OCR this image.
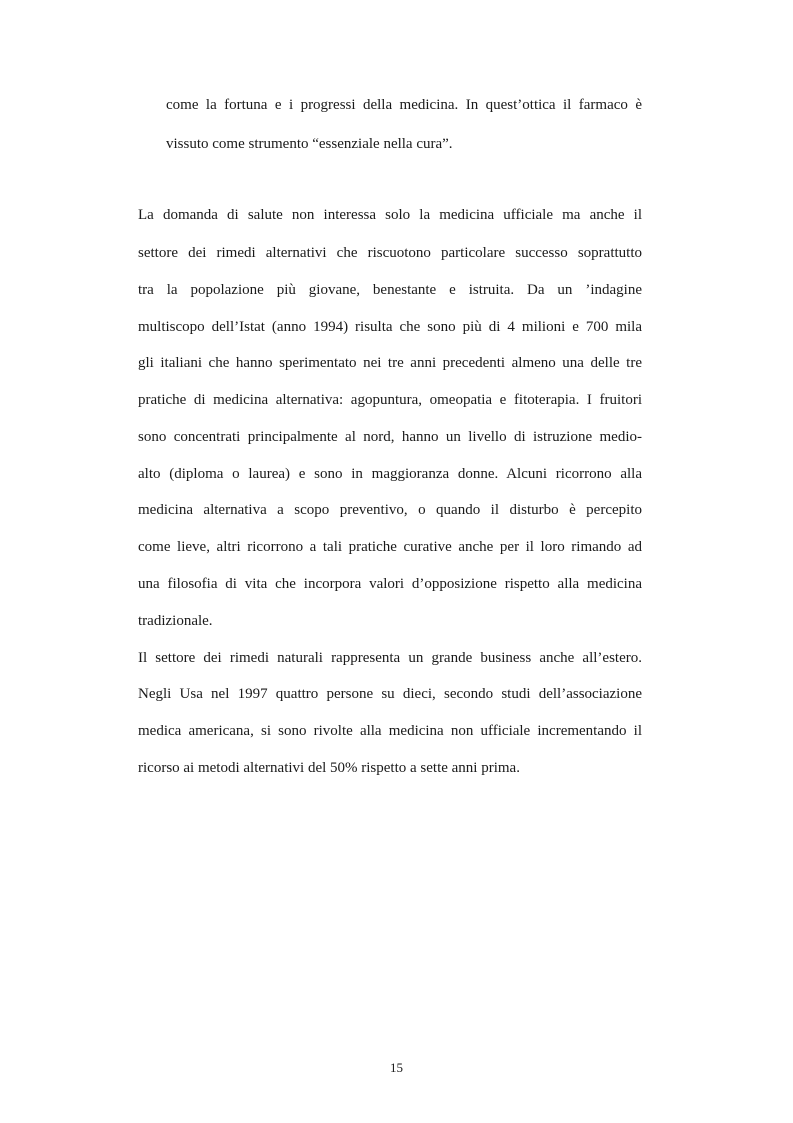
come la fortuna e i progressi della medicina. In quest’ottica il farmaco è
vissuto come strumento “essenziale nella cura”.
La domanda di salute non interessa solo la medicina ufficiale ma anche il
settore dei rimedi alternativi che riscuotono particolare successo soprattutto
tra la popolazione più giovane, benestante e istruita. Da un ’indagine
multiscopo dell’Istat (anno 1994) risulta che sono più di 4 milioni e 700 mila
gli italiani che hanno sperimentato nei tre anni precedenti almeno una delle tre
pratiche di medicina alternativa: agopuntura, omeopatia e fitoterapia. I fruitori
sono concentrati principalmente al nord, hanno un livello di istruzione medio-
alto (diploma o laurea) e sono in maggioranza donne. Alcuni ricorrono alla
medicina alternativa a scopo preventivo, o quando il disturbo è percepito
come lieve, altri ricorrono a tali pratiche curative anche per il loro rimando ad
una filosofia di vita che incorpora valori d’opposizione rispetto alla medicina
tradizionale.
Il settore dei rimedi naturali rappresenta un grande business anche all’estero.
Negli Usa nel 1997 quattro persone su dieci, secondo studi dell’associazione
medica americana, si sono rivolte alla medicina non ufficiale incrementando il
ricorso ai metodi alternativi del 50% rispetto a sette anni prima.
15
